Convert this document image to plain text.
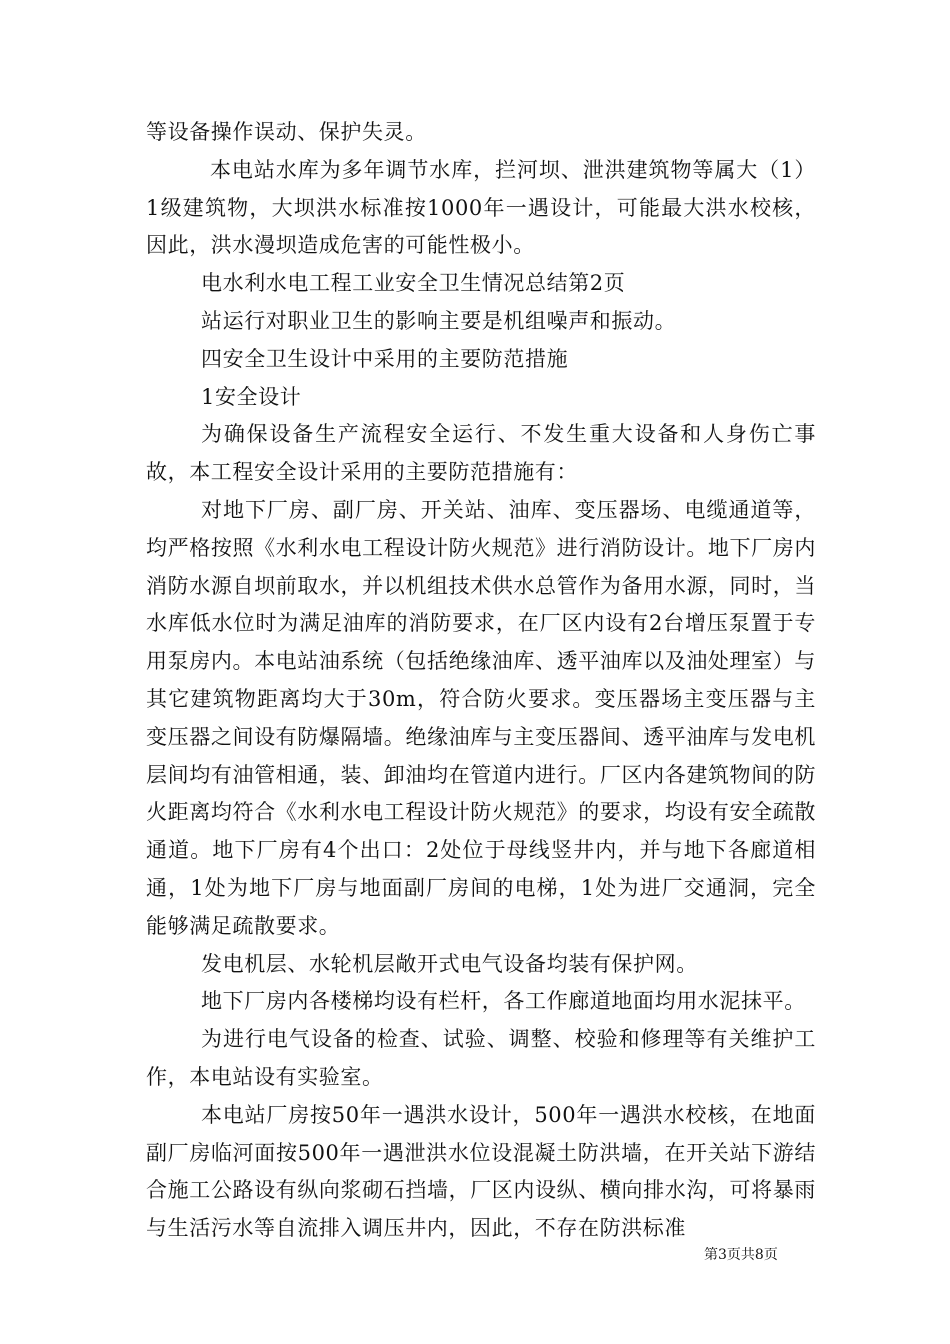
等设备操作误动、保护失灵。

本电站水库为多年调节水库，拦河坝、泄洪建筑物等属大（1）1级建筑物，大坝洪水标准按1000年一遇设计，可能最大洪水校核，因此，洪水漫坝造成危害的可能性极小。

电水利水电工程工业安全卫生情况总结第2页

站运行对职业卫生的影响主要是机组噪声和振动。

四安全卫生设计中采用的主要防范措施

1安全设计

为确保设备生产流程安全运行、不发生重大设备和人身伤亡事故，本工程安全设计采用的主要防范措施有：

对地下厂房、副厂房、开关站、油库、变压器场、电缆通道等，均严格按照《水利水电工程设计防火规范》进行消防设计。地下厂房内消防水源自坝前取水，并以机组技术供水总管作为备用水源，同时，当水库低水位时为满足油库的消防要求，在厂区内设有2台增压泵置于专用泵房内。本电站油系统（包括绝缘油库、透平油库以及油处理室）与其它建筑物距离均大于30m，符合防火要求。变压器场主变压器与主变压器之间设有防爆隔墙。绝缘油库与主变压器间、透平油库与发电机层间均有油管相通，装、卸油均在管道内进行。厂区内各建筑物间的防火距离均符合《水利水电工程设计防火规范》的要求，均设有安全疏散通道。地下厂房有4个出口：2处位于母线竖井内，并与地下各廊道相通，1处为地下厂房与地面副厂房间的电梯，1处为进厂交通洞，完全能够满足疏散要求。

发电机层、水轮机层敞开式电气设备均装有保护网。

地下厂房内各楼梯均设有栏杆，各工作廊道地面均用水泥抹平。

为进行电气设备的检查、试验、调整、校验和修理等有关维护工作，本电站设有实验室。

本电站厂房按50年一遇洪水设计，500年一遇洪水校核，在地面副厂房临河面按500年一遇泄洪水位设混凝土防洪墙，在开关站下游结合施工公路设有纵向浆砌石挡墙，厂区内设纵、横向排水沟，可将暴雨与生活污水等自流排入调压井内，因此，不存在防洪标准

第3页共8页
